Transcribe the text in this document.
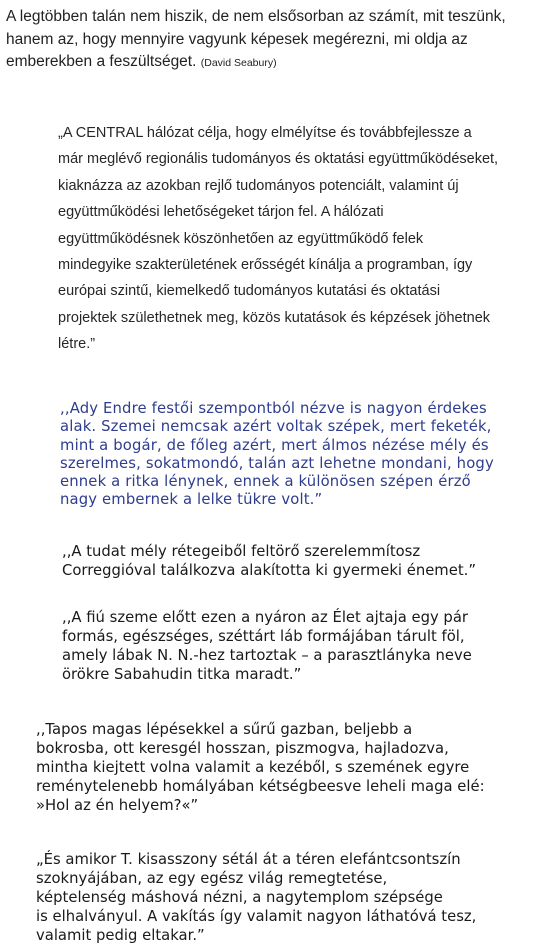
A legtöbben talán nem hiszik, de nem elsősorban az számít, mit teszünk, hanem az, hogy mennyire vagyunk képesek megérezni, mi oldja az emberekben a feszültséget. (David Seabury)

„A CENTRAL hálózat célja, hogy elmélyítse és továbbfejlessze a
már meglévő regionális tudományos és oktatási együttműködéseket,
kiaknázza az azokban rejlő tudományos potenciált, valamint új
együttműködési lehetőségeket tárjon fel. A hálózati
együttműködésnek köszönhetően az együttműködő felek
mindegyike szakterületének erősségét kínálja a programban, így
európai szintű, kiemelkedő tudományos kutatási és oktatási
projektek születhetnek meg, közös kutatások és képzések jöhetnek
létre.”

,,Ady Endre festői szempontból nézve is nagyon érdekes
alak. Szemei nemcsak azért voltak szépek, mert feketék,
mint a bogár, de főleg azért, mert álmos nézése mély és
szerelmes, sokatmondó, talán azt lehetne mondani, hogy
ennek a ritka lénynek, ennek a különösen szépen érző
nagy embernek a lelke tükre volt.”

,,A tudat mély rétegeiből feltörő szerelemmítosz
Correggióval találkozva alakította ki gyermeki énemet.”

,,A fiú szeme előtt ezen a nyáron az Élet ajtaja egy pár
formás, egészséges, széttárt láb formájában tárult föl,
amely lábak N. N.-hez tartoztak – a parasztlányka neve
örökre Sabahudin titka maradt.”

,,Tapos magas lépésekkel a sűrű gazban, beljebb a
bokrosba, ott keresgél hosszan, piszmogva, hajladozva,
mintha kiejtett volna valamit a kezéből, s szemének egyre
reménytelenebb homályában kétségbeesve leheli maga elé:
»Hol az én helyem?«”

„És amikor T. kisasszony sétál át a téren elefántcsontszín
szoknyájában, az egy egész világ remegtetése,
képtelenség máshová nézni, a nagytemplom szépsége
is elhalványul. A vakítás így valamit nagyon láthatóvá tesz,
valamit pedig eltakar.”
